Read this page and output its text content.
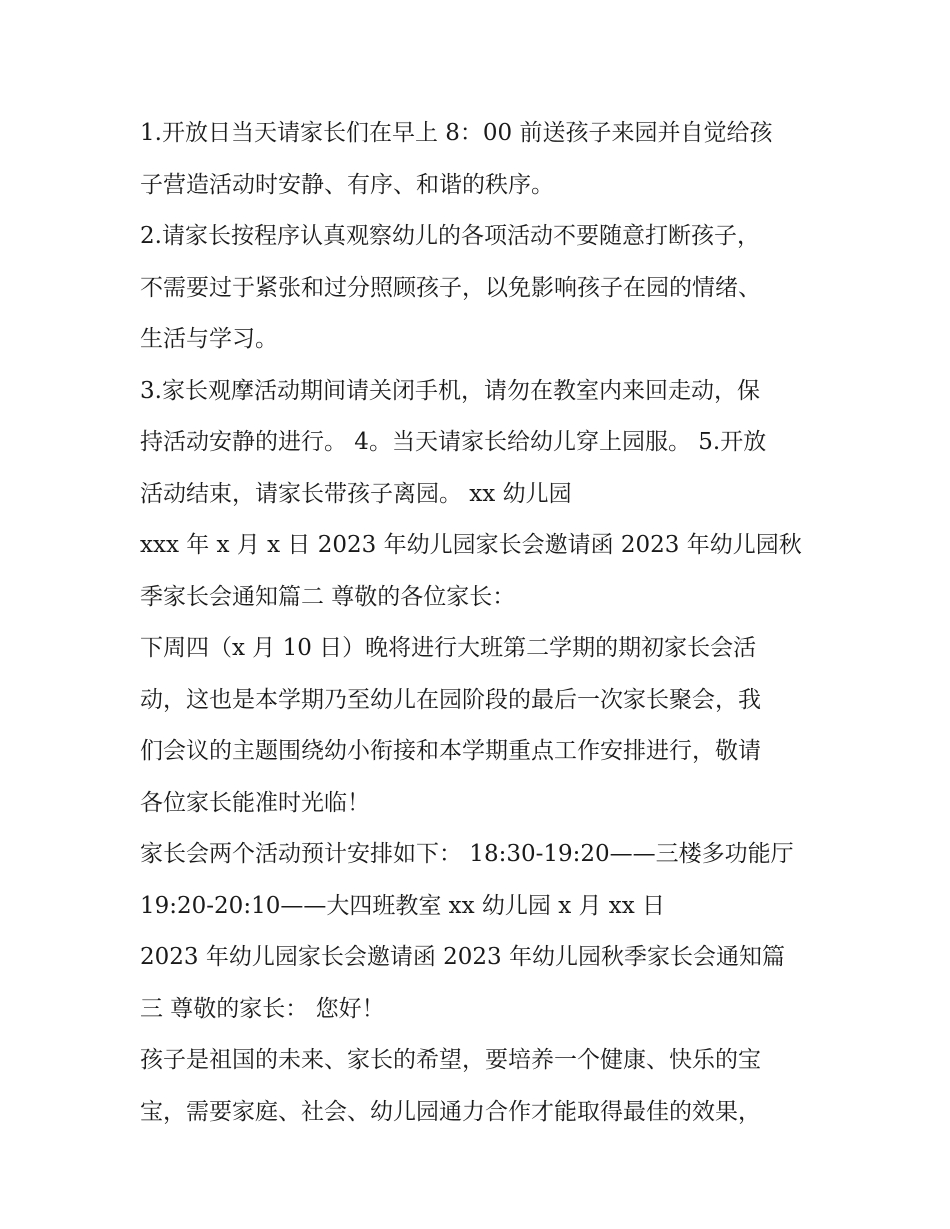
1.开放日当天请家长们在早上 8：00 前送孩子来园并自觉给孩
子营造活动时安静、有序、和谐的秩序。
2.请家长按程序认真观察幼儿的各项活动不要随意打断孩子，
不需要过于紧张和过分照顾孩子，以免影响孩子在园的情绪、
生活与学习。
3.家长观摩活动期间请关闭手机，请勿在教室内来回走动，保
持活动安静的进行。 4。当天请家长给幼儿穿上园服。 5.开放
活动结束，请家长带孩子离园。 xx 幼儿园
xxx 年 x 月 x 日 2023 年幼儿园家长会邀请函 2023 年幼儿园秋
季家长会通知篇二 尊敬的各位家长：
下周四（x 月 10 日）晚将进行大班第二学期的期初家长会活
动，这也是本学期乃至幼儿在园阶段的最后一次家长聚会，我
们会议的主题围绕幼小衔接和本学期重点工作安排进行，敬请
各位家长能准时光临！
家长会两个活动预计安排如下： 18:30-19:20——三楼多功能厅
19:20-20:10——大四班教室 xx 幼儿园 x 月 xx 日
2023 年幼儿园家长会邀请函 2023 年幼儿园秋季家长会通知篇
三 尊敬的家长： 您好！
孩子是祖国的未来、家长的希望，要培养一个健康、快乐的宝
宝，需要家庭、社会、幼儿园通力合作才能取得最佳的效果，
